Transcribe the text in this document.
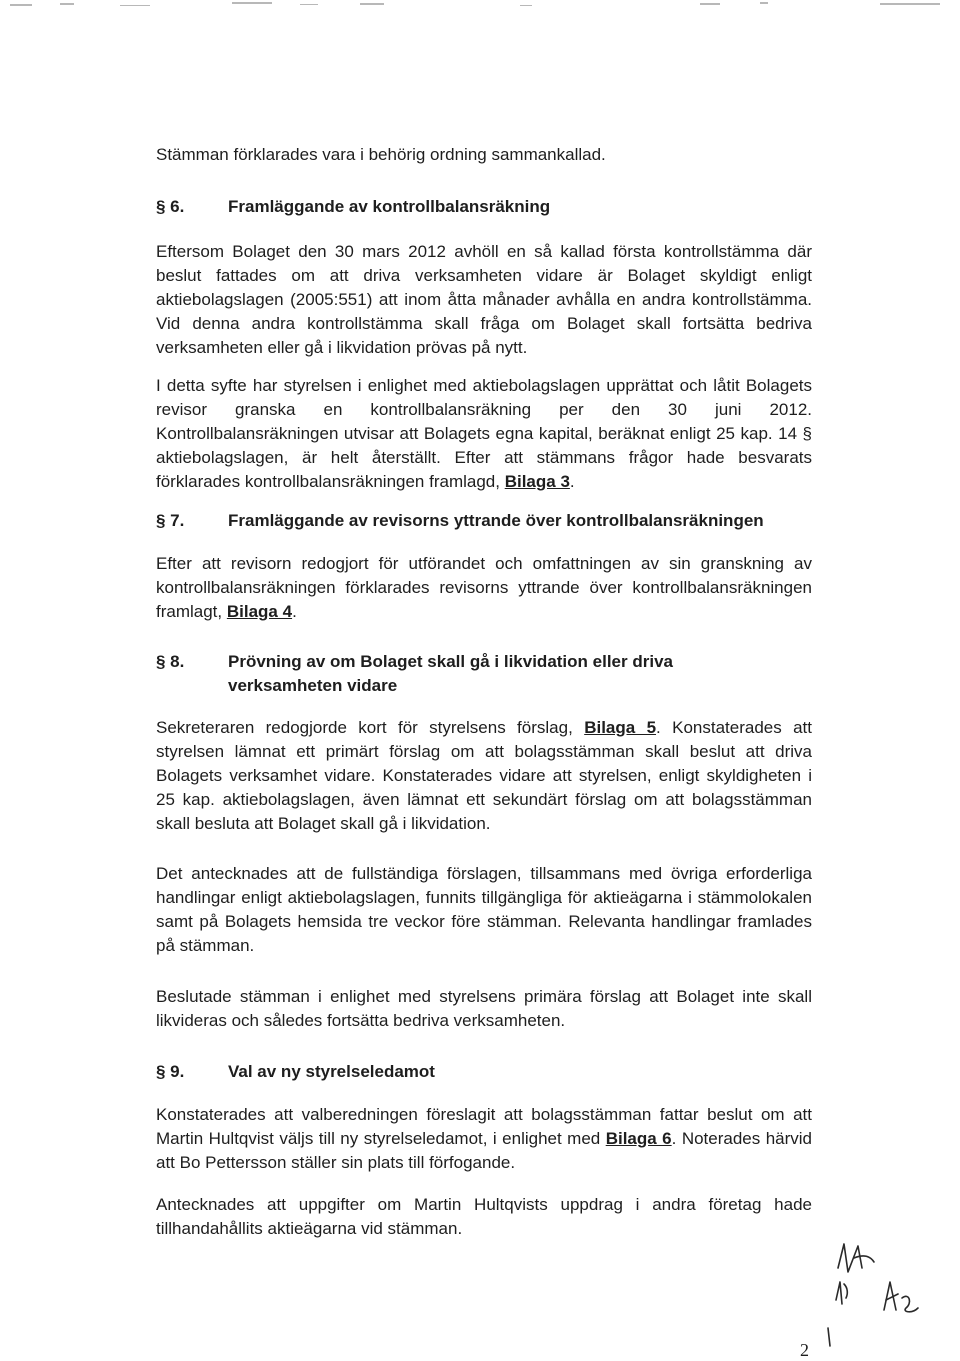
Stämman förklarades vara i behörig ordning sammankallad.

§ 6.	Framläggande av kontrollbalansräkning

Eftersom Bolaget den 30 mars 2012 avhöll en så kallad första kontrollstämma där beslut fattades om att driva verksamheten vidare är Bolaget skyldigt enligt aktiebolagslagen (2005:551) att inom åtta månader avhålla en andra kontrollstämma. Vid denna andra kontrollstämma skall fråga om Bolaget skall fortsätta bedriva verksamheten eller gå i likvidation prövas på nytt.

I detta syfte har styrelsen i enlighet med aktiebolagslagen upprättat och låtit Bolagets revisor granska en kontrollbalansräkning per den 30 juni 2012. Kontrollbalansräkningen utvisar att Bolagets egna kapital, beräknat enligt 25 kap. 14 § aktiebolagslagen, är helt återställt. Efter att stämmans frågor hade besvarats förklarades kontrollbalansräkningen framlagd, Bilaga 3.

§ 7.	Framläggande av revisorns yttrande över kontrollbalansräkningen

Efter att revisorn redogjort för utförandet och omfattningen av sin granskning av kontrollbalansräkningen förklarades revisorns yttrande över kontrollbalansräkningen framlagt, Bilaga 4.

§ 8.	Prövning av om Bolaget skall gå i likvidation eller driva verksamheten vidare

Sekreteraren redogjorde kort för styrelsens förslag, Bilaga 5. Konstaterades att styrelsen lämnat ett primärt förslag om att bolagsstämman skall beslut att driva Bolagets verksamhet vidare. Konstaterades vidare att styrelsen, enligt skyldigheten i 25 kap. aktiebolagslagen, även lämnat ett sekundärt förslag om att bolagsstämman skall besluta att Bolaget skall gå i likvidation.

Det antecknades att de fullständiga förslagen, tillsammans med övriga erforderliga handlingar enligt aktiebolagslagen, funnits tillgängliga för aktieägarna i stämmolokalen samt på Bolagets hemsida tre veckor före stämman. Relevanta handlingar framlades på stämman.

Beslutade stämman i enlighet med styrelsens primära förslag att Bolaget inte skall likvideras och således fortsätta bedriva verksamheten.

§ 9.	Val av ny styrelseledamot

Konstaterades att valberedningen föreslagit att bolagsstämman fattar beslut om att Martin Hultqvist väljs till ny styrelseledamot, i enlighet med Bilaga 6. Noterades härvid att Bo Pettersson ställer sin plats till förfogande.

Antecknades att uppgifter om Martin Hultqvists uppdrag i andra företag hade tillhandahållits aktieägarna vid stämman.

2
